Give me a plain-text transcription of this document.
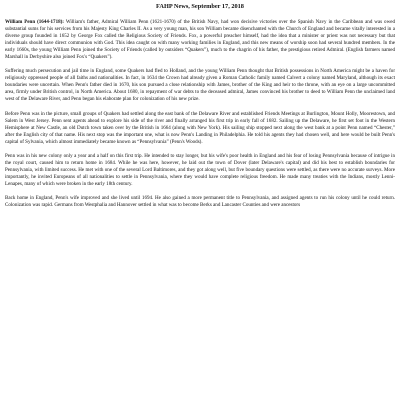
FAHP News, September 17, 2018

William Penn (1644-1718): William's father, Admiral William Penn (1621-1670) of the British Navy, had won decisive victories over the Spanish Navy in the Caribbean and was owed substantial sums for his services from his Majesty King Charles II. As a very young man, his son William became disenchanted with the Church of England and became vitally interested in a diverse group founded in 1652 by George Fox called the Religious Society of Friends. Fox, a powerful preacher himself, had the idea that a minister or priest was not necessary but that individuals should have direct communion with God. This idea caught on with many working families in England, and this new means of worship soon had several hundred members. In the early 1660s, the young William Penn joined the Society of Friends (called by outsiders “Quakers”), much to the chagrin of his father, the prestigious retired Admiral. (English farmers named Marshall in Derbyshire also joined Fox's “Quakers”).

Suffering much persecution and jail time in England, some Quakers had fled to Holland, and the young William Penn thought that British possessions in North America might be a haven for religiously oppressed people of all faiths and nationalities. In fact, in 1634 the Crown had already given a Roman Catholic family named Calvert a colony named Maryland, although its exact boundaries were uncertain. When Penn's father died in 1670, his son pursued a close relationship with James, brother of the King and heir to the throne, with an eye on a large uncommitted area, firmly under British control, in North America. About 1680, in repayment of war debts to the deceased admiral, James convinced his brother to deed to William Penn the unclaimed land west of the Delaware River, and Penn began his elaborate plan for colonization of his new prize.

Before Penn was in the picture, small groups of Quakers had settled along the east bank of the Delaware River and established Friends Meetings at Burlington, Mount Holly, Moorestown, and Salem in West Jersey. Penn sent agents ahead to explore his side of the river and finally arranged his first trip in early fall of 1682. Sailing up the Delaware, he first set foot in the Western Hemisphere at New Castle, an old Dutch town taken over by the British in 1664 (along with New York). His sailing ship stopped next along the west bank at a point Penn named “Chester,” after the English city of that name. His next stop was the important one, what is now Penn's Landing in Philadelphia. He told his agents they had chosen well, and here would be built Penn's capital of Sylvania, which almost immediately became known as “Pennsylvania” (Penn's Woods).

Penn was in his new colony only a year and a half on this first trip. He intended to stay longer, but his wife's poor health in England and his fear of losing Pennsylvania because of intrigue in the royal court, caused him to return home in 1684. While he was here, however, he laid out the town of Dover (later Delaware's capital) and did his best to establish boundaries for Pennsylvania, with limited success. He met with one of the several Lord Baltimores, and they got along well, but five boundary questions were settled, as there were no accurate surveys. More importantly, he invited Europeans of all nationalities to settle in Pennsylvania, where they would have complete religious freedom. He made many treaties with the Indians, mostly Lenni-Lenapes, many of which were broken in the early 18th century.

Back home in England, Penn's wife improved and she lived until 1694. He also gained a more permanent title to Pennsylvania, and assigned agents to run his colony until he could return. Colonization was rapid. Germans from Westphalia and Hannover settled in what was to become Berks and Lancaster Counties and were ancestors
